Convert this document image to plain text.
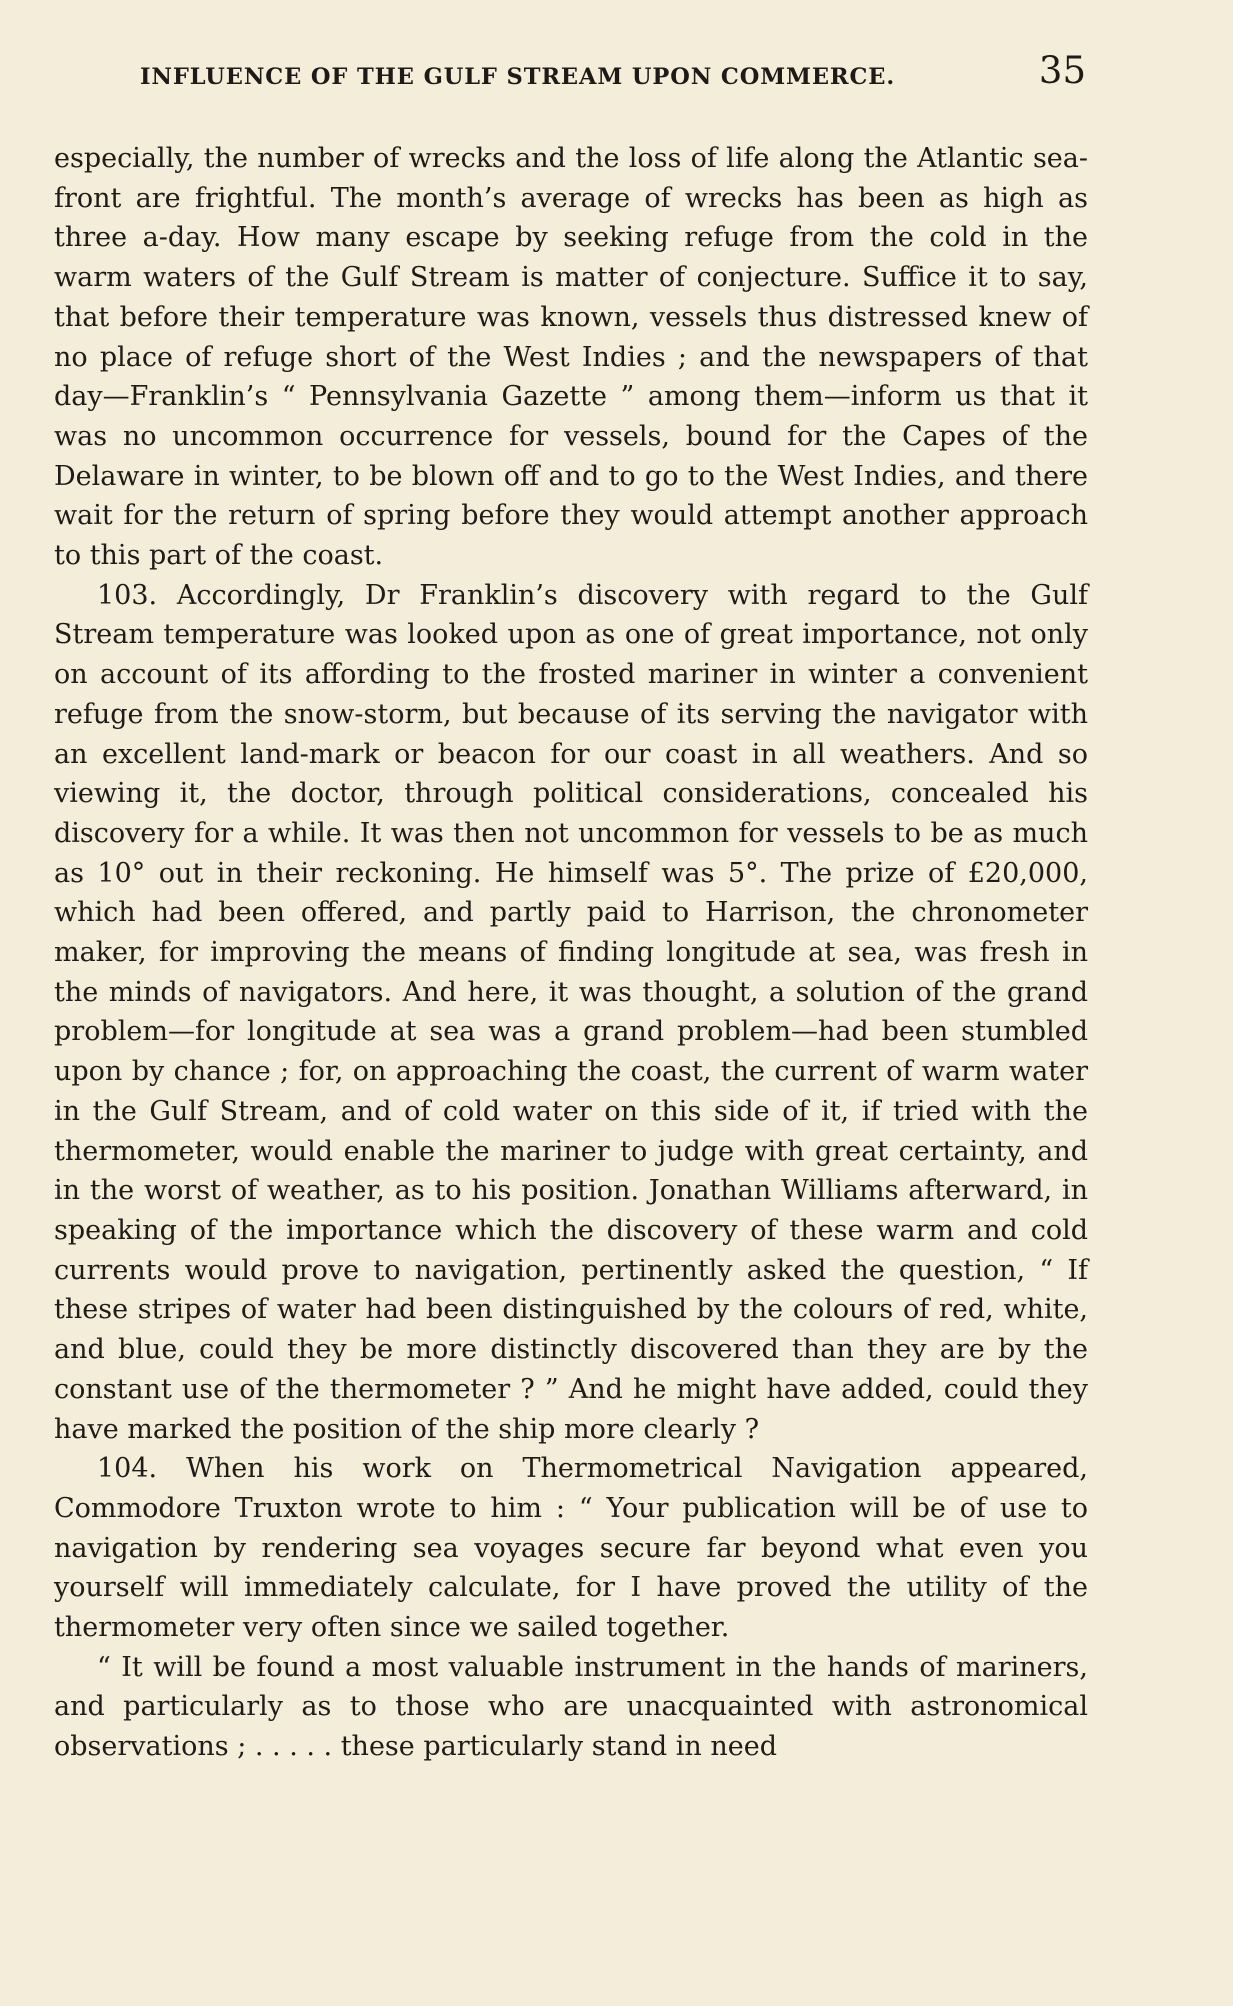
INFLUENCE OF THE GULF STREAM UPON COMMERCE.	35

especially, the number of wrecks and the loss of life along the Atlantic sea-front are frightful. The month’s average of wrecks has been as high as three a-day. How many escape by seeking refuge from the cold in the warm waters of the Gulf Stream is matter of conjecture. Suffice it to say, that before their temperature was known, vessels thus distressed knew of no place of refuge short of the West Indies ; and the newspapers of that day—Franklin’s “ Pennsylvania Gazette ” among them—inform us that it was no uncommon occurrence for vessels, bound for the Capes of the Delaware in winter, to be blown off and to go to the West Indies, and there wait for the return of spring before they would attempt another approach to this part of the coast.

103. Accordingly, Dr Franklin’s discovery with regard to the Gulf Stream temperature was looked upon as one of great importance, not only on account of its affording to the frosted mariner in winter a convenient refuge from the snow-storm, but because of its serving the navigator with an excellent land-mark or beacon for our coast in all weathers. And so viewing it, the doctor, through political considerations, concealed his discovery for a while. It was then not uncommon for vessels to be as much as 10° out in their reckoning. He himself was 5°. The prize of £20,000, which had been offered, and partly paid to Harrison, the chronometer maker, for improving the means of finding longitude at sea, was fresh in the minds of navigators. And here, it was thought, a solution of the grand problem—for longitude at sea was a grand problem—had been stumbled upon by chance ; for, on approaching the coast, the current of warm water in the Gulf Stream, and of cold water on this side of it, if tried with the thermometer, would enable the mariner to judge with great certainty, and in the worst of weather, as to his position. Jonathan Williams afterward, in speaking of the importance which the discovery of these warm and cold currents would prove to navigation, pertinently asked the question, “ If these stripes of water had been distinguished by the colours of red, white, and blue, could they be more distinctly discovered than they are by the constant use of the thermometer ? ” And he might have added, could they have marked the position of the ship more clearly ?

104. When his work on Thermometrical Navigation appeared, Commodore Truxton wrote to him : “ Your publication will be of use to navigation by rendering sea voyages secure far beyond what even you yourself will immediately calculate, for I have proved the utility of the thermometer very often since we sailed together.

“ It will be found a most valuable instrument in the hands of mariners, and particularly as to those who are unacquainted with astronomical observations ; . . . . . these particularly stand in need
